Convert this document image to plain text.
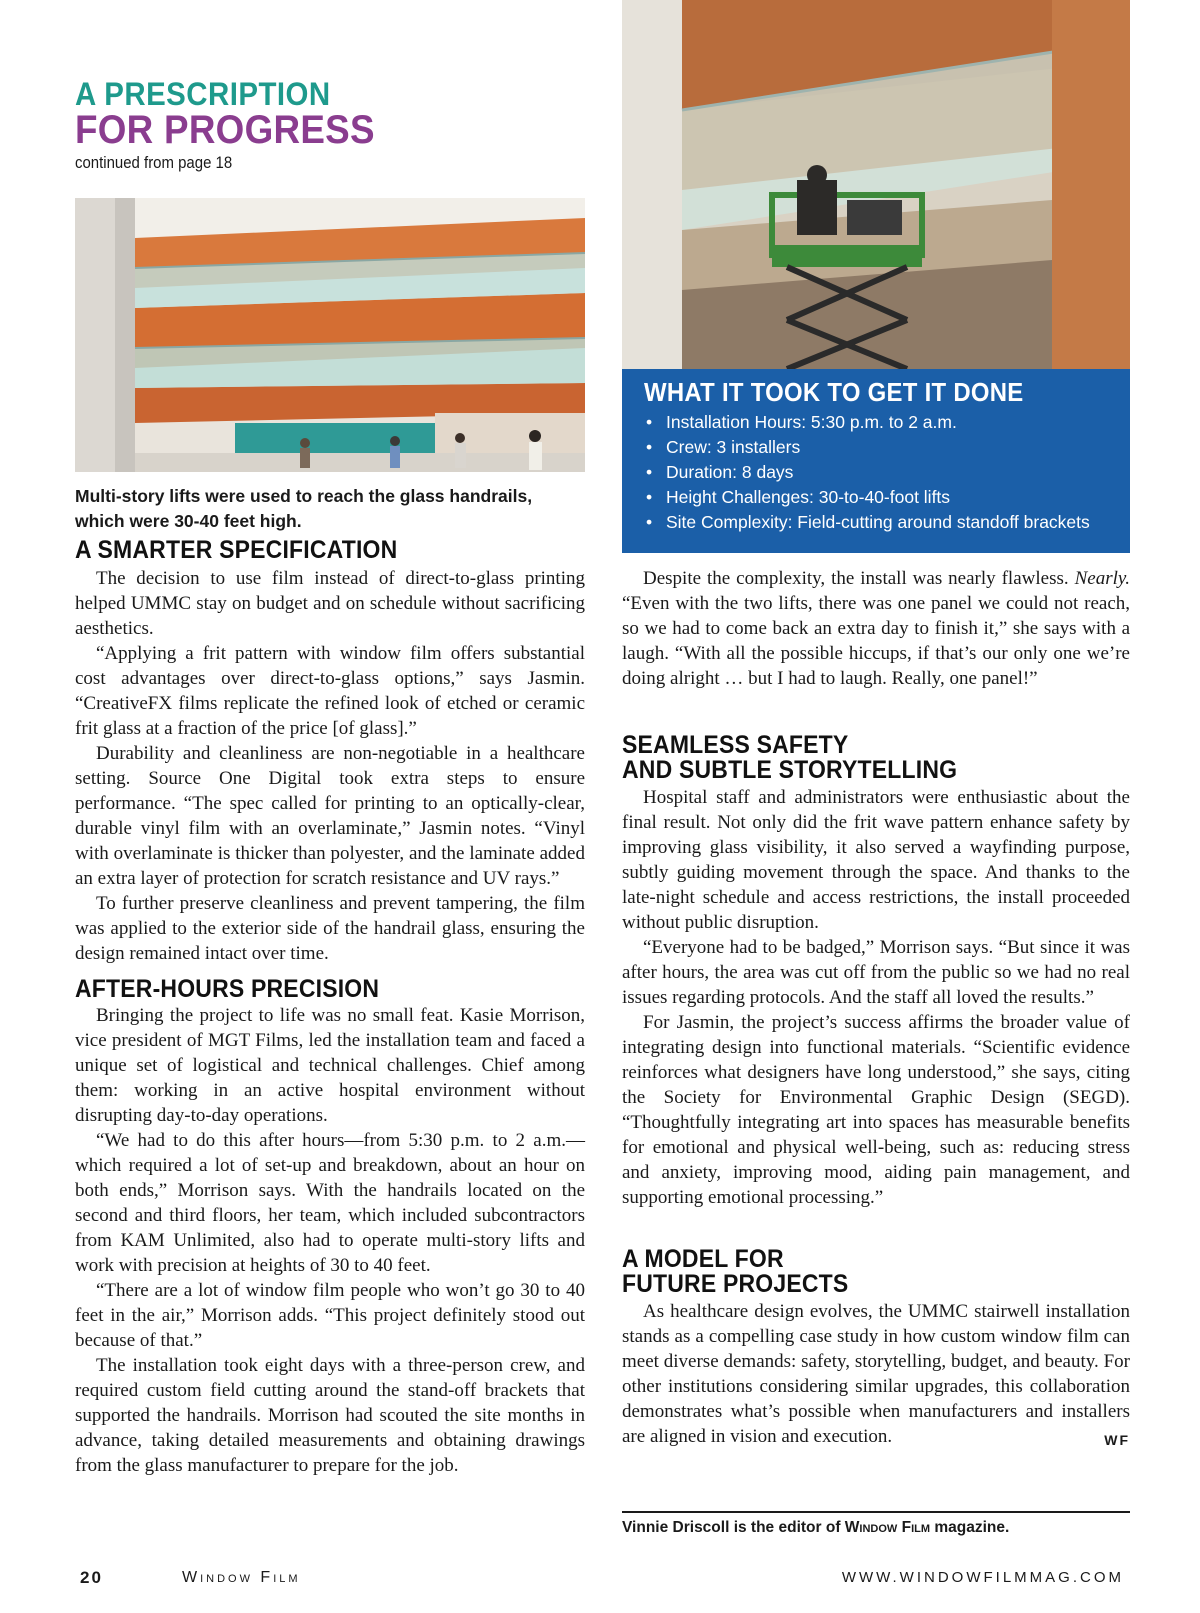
A PRESCRIPTION
FOR PROGRESS
continued from page 18
Multi-story lifts were used to reach the glass handrails, which were 30-40 feet high.
WHAT IT TOOK TO GET IT DONE
• Installation Hours: 5:30 p.m. to 2 a.m.
• Crew: 3 installers
• Duration: 8 days
• Height Challenges: 30-to-40-foot lifts
• Site Complexity: Field-cutting around standoff brackets
A SMARTER SPECIFICATION

The decision to use film instead of direct-to-glass printing helped UMMC stay on budget and on schedule without sacrificing aesthetics.

“Applying a frit pattern with window film offers substantial cost advantages over direct-to-glass options,” says Jasmin. “CreativeFX films replicate the refined look of etched or ceramic frit glass at a fraction of the price [of glass].”

Durability and cleanliness are non-negotiable in a healthcare setting. Source One Digital took extra steps to ensure performance. “The spec called for printing to an optically-clear, durable vinyl film with an overlaminate,” Jasmin notes. “Vinyl with overlaminate is thicker than polyester, and the laminate added an extra layer of protection for scratch resistance and UV rays.”

To further preserve cleanliness and prevent tampering, the film was applied to the exterior side of the handrail glass, ensuring the design remained intact over time.

AFTER-HOURS PRECISION

Bringing the project to life was no small feat. Kasie Morrison, vice president of MGT Films, led the installation team and faced a unique set of logistical and technical challenges. Chief among them: working in an active hospital environment without disrupting day-to-day operations.

“We had to do this after hours—from 5:30 p.m. to 2 a.m.—which required a lot of set-up and breakdown, about an hour on both ends,” Morrison says. With the handrails located on the second and third floors, her team, which included subcontractors from KAM Unlimited, also had to operate multi-story lifts and work with precision at heights of 30 to 40 feet.

“There are a lot of window film people who won’t go 30 to 40 feet in the air,” Morrison adds. “This project definitely stood out because of that.”

The installation took eight days with a three-person crew, and required custom field cutting around the stand-off brackets that supported the handrails. Morrison had scouted the site months in advance, taking detailed measurements and obtaining drawings from the glass manufacturer to prepare for the job.

Despite the complexity, the install was nearly flawless. Nearly. “Even with the two lifts, there was one panel we could not reach, so we had to come back an extra day to finish it,” she says with a laugh. “With all the possible hiccups, if that’s our only one we’re doing alright … but I had to laugh. Really, one panel!”

SEAMLESS SAFETY
AND SUBTLE STORYTELLING

Hospital staff and administrators were enthusiastic about the final result. Not only did the frit wave pattern enhance safety by improving glass visibility, it also served a wayfinding purpose, subtly guiding movement through the space. And thanks to the late-night schedule and access restrictions, the install proceeded without public disruption.

“Everyone had to be badged,” Morrison says. “But since it was after hours, the area was cut off from the public so we had no real issues regarding protocols. And the staff all loved the results.”

For Jasmin, the project’s success affirms the broader value of integrating design into functional materials. “Scientific evidence reinforces what designers have long understood,” she says, citing the Society for Environmental Graphic Design (SEGD). “Thoughtfully integrating art into spaces has measurable benefits for emotional and physical well-being, such as: reducing stress and anxiety, improving mood, aiding pain management, and supporting emotional processing.”

A MODEL FOR
FUTURE PROJECTS

As healthcare design evolves, the UMMC stairwell installation stands as a compelling case study in how custom window film can meet diverse demands: safety, storytelling, budget, and beauty. For other institutions considering similar upgrades, this collaboration demonstrates what’s possible when manufacturers and installers are aligned in vision and execution.	WF

Vinnie Driscoll is the editor of Window Film magazine.
20	Window Film	WWW.WINDOWFILMMAG.COM
